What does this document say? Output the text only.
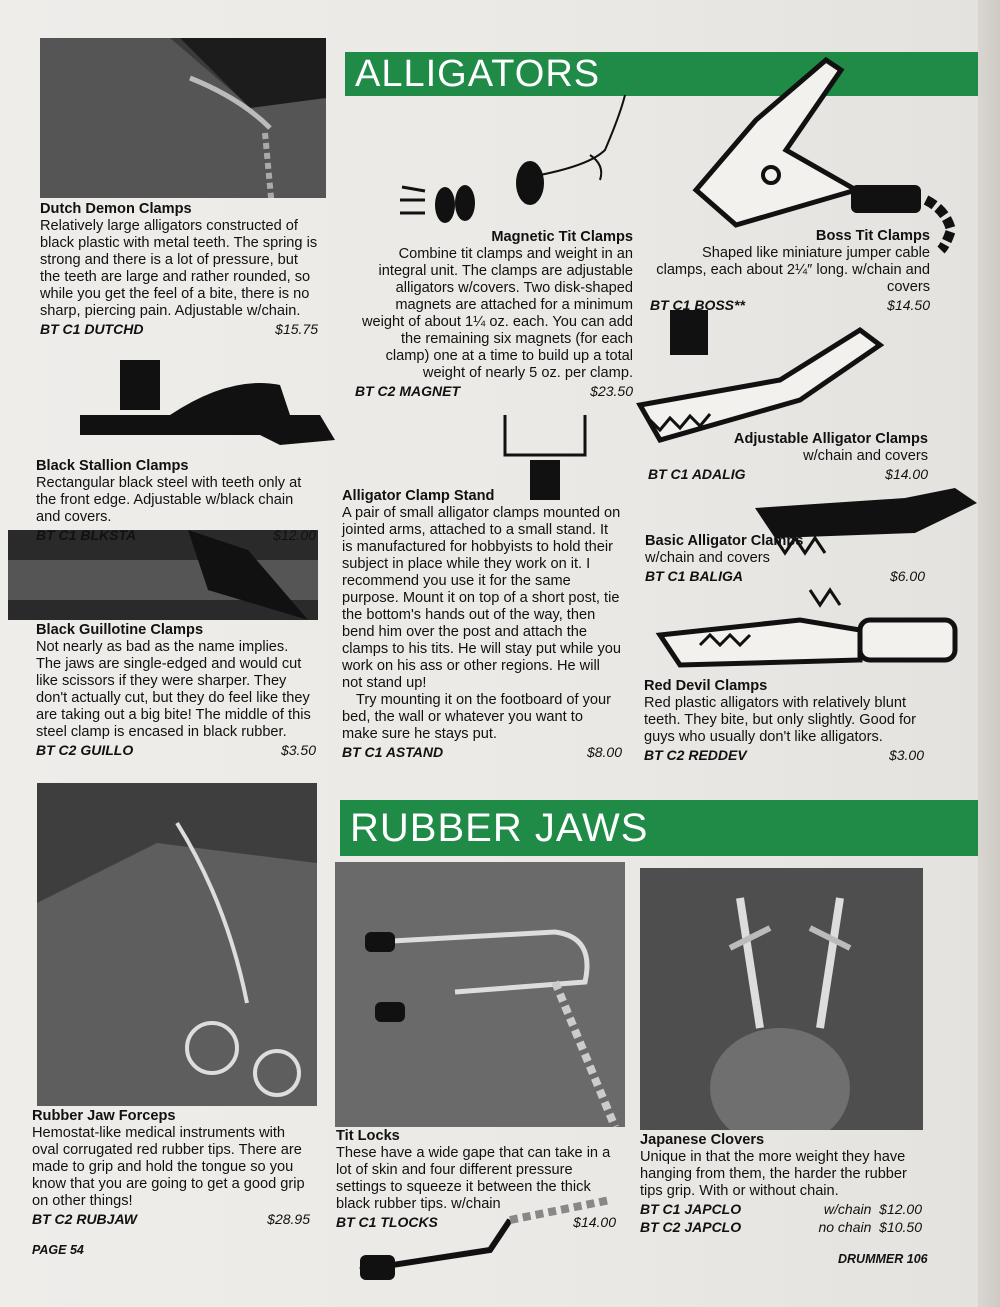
ALLIGATORS
RUBBER JAWS
Dutch Demon Clamps
Relatively large alligators constructed of black plastic with metal teeth. The spring is strong and there is a lot of pressure, but the teeth are large and rather rounded, so while you get the feel of a bite, there is no sharp, piercing pain. Adjustable w/chain.
BT C1 DUTCHD	$15.75
Magnetic Tit Clamps
Combine tit clamps and weight in an integral unit. The clamps are adjustable alligators w/covers. Two disk-shaped magnets are attached for a minimum weight of about 1¼ oz. each. You can add the remaining six magnets (for each clamp) one at a time to build up a total weight of nearly 5 oz. per clamp.
BT C2 MAGNET	$23.50
Boss Tit Clamps
Shaped like miniature jumper cable clamps, each about 2¼″ long. w/chain and covers
BT C1 BOSS**	$14.50
Black Stallion Clamps
Rectangular black steel with teeth only at the front edge. Adjustable w/black chain and covers.
BT C1 BLKSTA	$12.00
Adjustable Alligator Clamps
w/chain and covers
BT C1 ADALIG	$14.00
Alligator Clamp Stand
A pair of small alligator clamps mounted on jointed arms, attached to a small stand. It is manufactured for hobbyists to hold their subject in place while they work on it. I recommend you use it for the same purpose. Mount it on top of a short post, tie the bottom's hands out of the way, then bend him over the post and attach the clamps to his tits. He will stay put while you work on his ass or other regions. He will not stand up!
Try mounting it on the footboard of your bed, the wall or whatever you want to make sure he stays put.
BT C1 ASTAND	$8.00
Basic Alligator Clamps
w/chain and covers
BT C1 BALIGA	$6.00
Black Guillotine Clamps
Not nearly as bad as the name implies. The jaws are single-edged and would cut like scissors if they were sharper. They don't actually cut, but they do feel like they are taking out a big bite! The middle of this steel clamp is encased in black rubber.
BT C2 GUILLO	$3.50
Red Devil Clamps
Red plastic alligators with relatively blunt teeth. They bite, but only slightly. Good for guys who usually don't like alligators.
BT C2 REDDEV	$3.00
Rubber Jaw Forceps
Hemostat-like medical instruments with oval corrugated red rubber tips. There are made to grip and hold the tongue so you know that you are going to get a good grip on other things!
BT C2 RUBJAW	$28.95
Tit Locks
These have a wide gape that can take in a lot of skin and four different pressure settings to squeeze it between the thick black rubber tips. w/chain
BT C1 TLOCKS	$14.00
Japanese Clovers
Unique in that the more weight they have hanging from them, the harder the rubber tips grip. With or without chain.
BT C1 JAPCLO	w/chain $12.00
BT C2 JAPCLO	no chain $10.50
PAGE 54
DRUMMER 106
